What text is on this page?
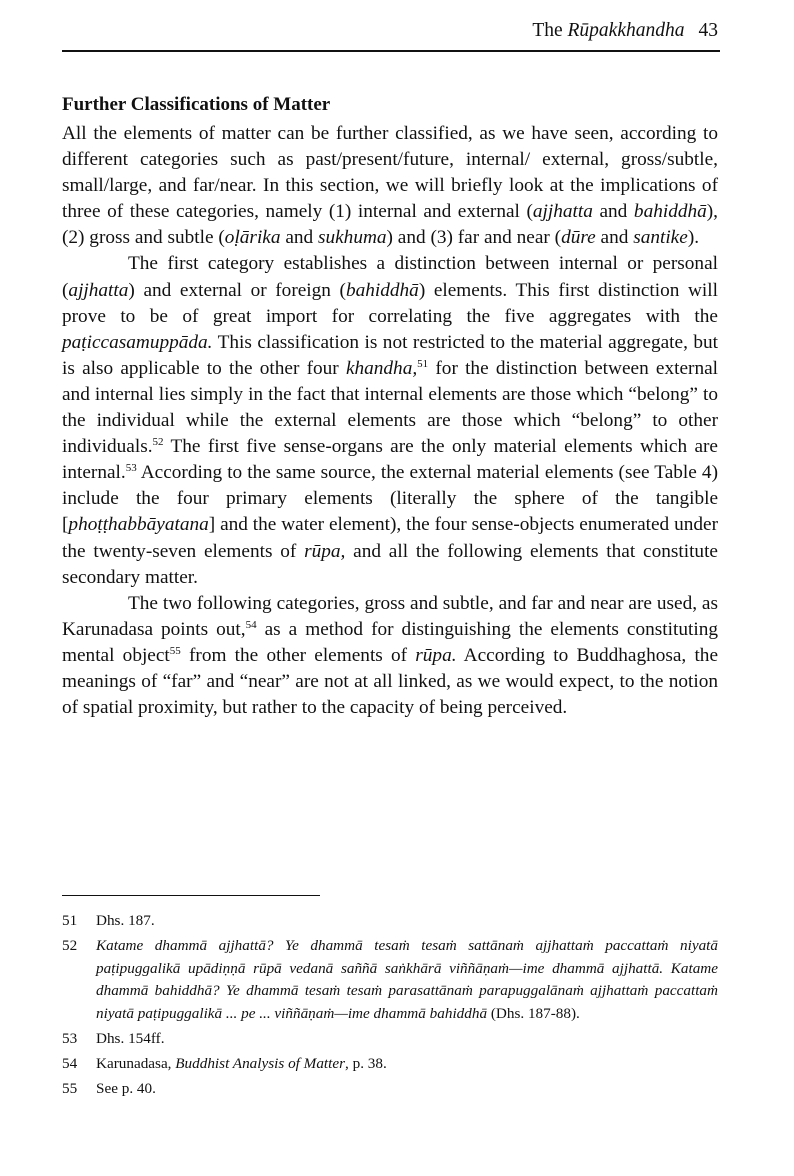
The Rūpakkhandha 43
Further Classifications of Matter

All the elements of matter can be further classified, as we have seen, according to different categories such as past/present/future, internal/ external, gross/subtle, small/large, and far/near. In this section, we will briefly look at the implications of three of these categories, namely (1) internal and external (ajjhatta and bahiddhā), (2) gross and subtle (oḷārika and sukhuma) and (3) far and near (dūre and santike).

The first category establishes a distinction between internal or personal (ajjhatta) and external or foreign (bahiddhā) elements. This first distinction will prove to be of great import for correlating the five aggregates with the paṭiccasamuppāda. This classification is not restricted to the material aggregate, but is also applicable to the other four khandha,$^{51}$ for the distinction between external and internal lies simply in the fact that internal elements are those which “belong” to the individual while the external elements are those which “belong” to other individuals.$^{52}$ The first five sense-organs are the only material elements which are internal.$^{53}$ According to the same source, the external material elements (see Table 4) include the four primary elements (literally the sphere of the tangible [phoṭṭhabbāyatana] and the water element), the four sense-objects enumerated under the twenty-seven elements of rūpa, and all the following elements that constitute secondary matter.

The two following categories, gross and subtle, and far and near are used, as Karunadasa points out,$^{54}$ as a method for distinguishing the elements constituting mental object$^{55}$ from the other elements of rūpa. According to Buddhaghosa, the meanings of “far” and “near” are not at all linked, as we would expect, to the notion of spatial proximity, but rather to the capacity of being perceived.

51	Dhs. 187.
52	Katame dhammā ajjhattā? Ye dhammā tesaṁ tesaṁ sattānaṁ ajjhattaṁ paccattaṁ niyatā paṭipuggalikā upādiṇṇā rūpā vedanā saññā saṅkhārā viññāṇaṁ—ime dhammā ajjhattā. Katame dhammā bahiddhā? Ye dhammā tesaṁ tesaṁ parasattānaṁ parapuggalānaṁ ajjhattaṁ paccattaṁ niyatā paṭipuggalikā ... pe ... viññāṇaṁ—ime dhammā bahiddhā (Dhs. 187-88).
53	Dhs. 154ff.
54	Karunadasa, Buddhist Analysis of Matter, p. 38.
55	See p. 40.
